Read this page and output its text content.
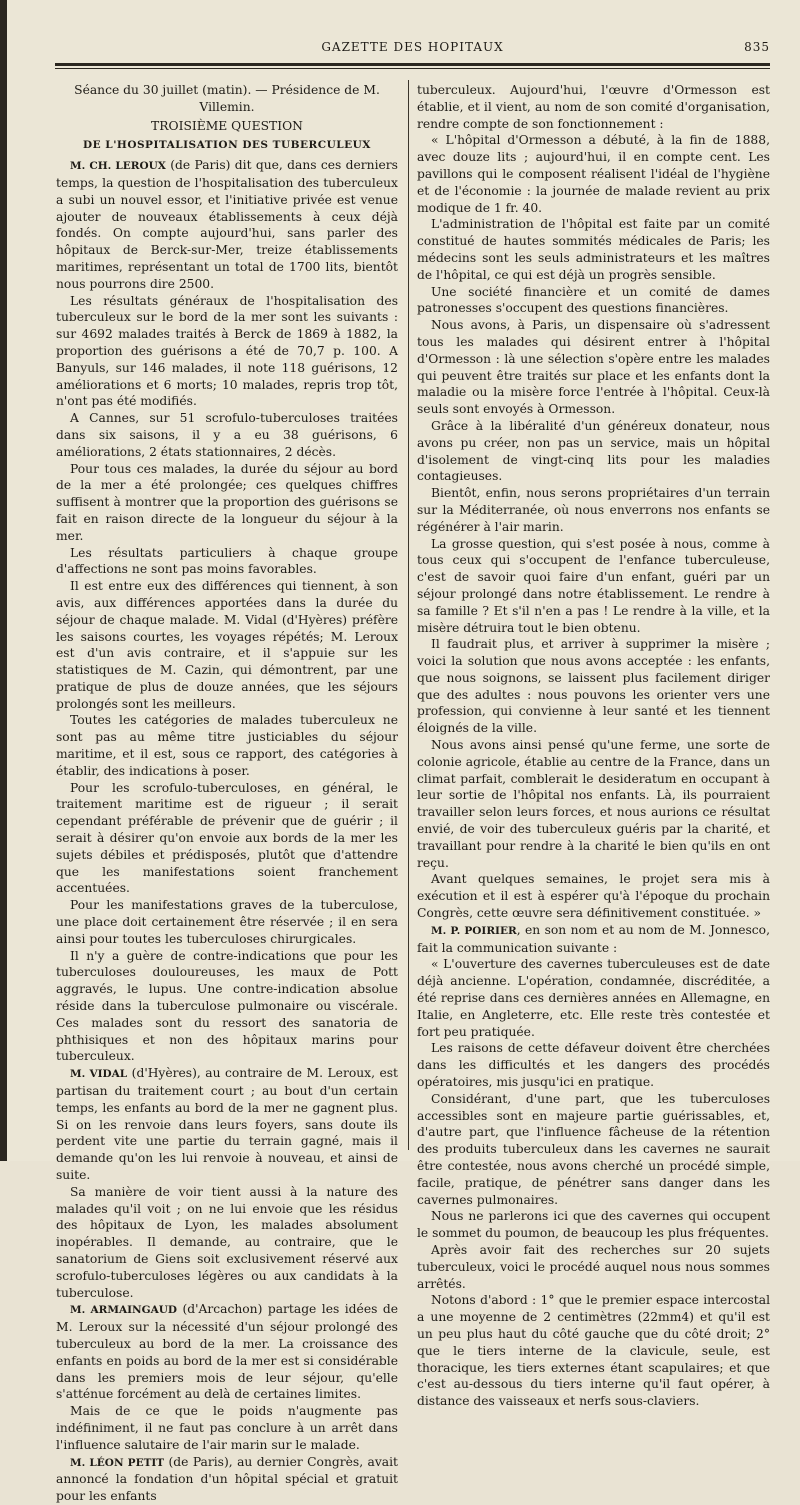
GAZETTE DES HOPITAUX	835

Séance du 30 juillet (matin). — Présidence de M. Villemin.

TROISIÈME QUESTION

DE L'HOSPITALISATION DES TUBERCULEUX

M. CH. LEROUX (de Paris) dit que, dans ces derniers temps, la question de l'hospitalisation des tuberculeux a subi un nouvel essor, et l'initiative privée est venue ajouter de nouveaux établissements à ceux déjà fondés. On compte aujourd'hui, sans parler des hôpitaux de Berck-sur-Mer, treize établissements maritimes, représentant un total de 1700 lits, bientôt nous pourrons dire 2500.

Les résultats généraux de l'hospitalisation des tuberculeux sur le bord de la mer sont les suivants : sur 4692 malades traités à Berck de 1869 à 1882, la proportion des guérisons a été de 70,7 p. 100. A Banyuls, sur 146 malades, il note 118 guérisons, 12 améliorations et 6 morts; 10 malades, repris trop tôt, n'ont pas été modifiés.

A Cannes, sur 51 scrofulo-tuberculoses traitées dans six saisons, il y a eu 38 guérisons, 6 améliorations, 2 états stationnaires, 2 décès.

Pour tous ces malades, la durée du séjour au bord de la mer a été prolongée; ces quelques chiffres suffisent à montrer que la proportion des guérisons se fait en raison directe de la longueur du séjour à la mer.

Les résultats particuliers à chaque groupe d'affections ne sont pas moins favorables.

Il est entre eux des différences qui tiennent, à son avis, aux différences apportées dans la durée du séjour de chaque malade. M. Vidal (d'Hyères) préfère les saisons courtes, les voyages répétés; M. Leroux est d'un avis contraire, et il s'appuie sur les statistiques de M. Cazin, qui démontrent, par une pratique de plus de douze années, que les séjours prolongés sont les meilleurs.

Toutes les catégories de malades tuberculeux ne sont pas au même titre justiciables du séjour maritime, et il est, sous ce rapport, des catégories à établir, des indications à poser.

Pour les scrofulo-tuberculoses, en général, le traitement maritime est de rigueur ; il serait cependant préférable de prévenir que de guérir ; il serait à désirer qu'on envoie aux bords de la mer les sujets débiles et prédisposés, plutôt que d'attendre que les manifestations soient franchement accentuées.

Pour les manifestations graves de la tuberculose, une place doit certainement être réservée ; il en sera ainsi pour toutes les tuberculoses chirurgicales.

Il n'y a guère de contre-indications que pour les tuberculoses douloureuses, les maux de Pott aggravés, le lupus. Une contre-indication absolue réside dans la tuberculose pulmonaire ou viscérale. Ces malades sont du ressort des sanatoria de phthisiques et non des hôpitaux marins pour tuberculeux.

M. VIDAL (d'Hyères), au contraire de M. Leroux, est partisan du traitement court ; au bout d'un certain temps, les enfants au bord de la mer ne gagnent plus. Si on les renvoie dans leurs foyers, sans doute ils perdent vite une partie du terrain gagné, mais il demande qu'on les lui renvoie à nouveau, et ainsi de suite.

Sa manière de voir tient aussi à la nature des malades qu'il voit ; on ne lui envoie que les résidus des hôpitaux de Lyon, les malades absolument inopérables. Il demande, au contraire, que le sanatorium de Giens soit exclusivement réservé aux scrofulo-tuberculoses légères ou aux candidats à la tuberculose.

M. ARMAINGAUD (d'Arcachon) partage les idées de M. Leroux sur la nécessité d'un séjour prolongé des tuberculeux au bord de la mer. La croissance des enfants en poids au bord de la mer est si considérable dans les premiers mois de leur séjour, qu'elle s'atténue forcément au delà de certaines limites.

Mais de ce que le poids n'augmente pas indéfiniment, il ne faut pas conclure à un arrêt dans l'influence salutaire de l'air marin sur le malade.

M. LÉON PETIT (de Paris), au dernier Congrès, avait annoncé la fondation d'un hôpital spécial et gratuit pour les enfants

tuberculeux. Aujourd'hui, l'œuvre d'Ormesson est établie, et il vient, au nom de son comité d'organisation, rendre compte de son fonctionnement :

« L'hôpital d'Ormesson a débuté, à la fin de 1888, avec douze lits ; aujourd'hui, il en compte cent. Les pavillons qui le composent réalisent l'idéal de l'hygiène et de l'économie : la journée de malade revient au prix modique de 1 fr. 40.

L'administration de l'hôpital est faite par un comité constitué de hautes sommités médicales de Paris; les médecins sont les seuls administrateurs et les maîtres de l'hôpital, ce qui est déjà un progrès sensible.

Une société financière et un comité de dames patronesses s'occupent des questions financières.

Nous avons, à Paris, un dispensaire où s'adressent tous les malades qui désirent entrer à l'hôpital d'Ormesson : là une sélection s'opère entre les malades qui peuvent être traités sur place et les enfants dont la maladie ou la misère force l'entrée à l'hôpital. Ceux-là seuls sont envoyés à Ormesson.

Grâce à la libéralité d'un généreux donateur, nous avons pu créer, non pas un service, mais un hôpital d'isolement de vingt-cinq lits pour les maladies contagieuses.

Bientôt, enfin, nous serons propriétaires d'un terrain sur la Méditerranée, où nous enverrons nos enfants se régénérer à l'air marin.

La grosse question, qui s'est posée à nous, comme à tous ceux qui s'occupent de l'enfance tuberculeuse, c'est de savoir quoi faire d'un enfant, guéri par un séjour prolongé dans notre établissement. Le rendre à sa famille ? Et s'il n'en a pas ! Le rendre à la ville, et la misère détruira tout le bien obtenu.

Il faudrait plus, et arriver à supprimer la misère ; voici la solution que nous avons acceptée : les enfants, que nous soignons, se laissent plus facilement diriger que des adultes : nous pouvons les orienter vers une profession, qui convienne à leur santé et les tiennent éloignés de la ville.

Nous avons ainsi pensé qu'une ferme, une sorte de colonie agricole, établie au centre de la France, dans un climat parfait, comblerait le desideratum en occupant à leur sortie de l'hôpital nos enfants. Là, ils pourraient travailler selon leurs forces, et nous aurions ce résultat envié, de voir des tuberculeux guéris par la charité, et travaillant pour rendre à la charité le bien qu'ils en ont reçu.

Avant quelques semaines, le projet sera mis à exécution et il est à espérer qu'à l'époque du prochain Congrès, cette œuvre sera définitivement constituée. »

M. P. POIRIER, en son nom et au nom de M. Jonnesco, fait la communication suivante :

« L'ouverture des cavernes tuberculeuses est de date déjà ancienne. L'opération, condamnée, discréditée, a été reprise dans ces dernières années en Allemagne, en Italie, en Angleterre, etc. Elle reste très contestée et fort peu pratiquée.

Les raisons de cette défaveur doivent être cherchées dans les difficultés et les dangers des procédés opératoires, mis jusqu'ici en pratique.

Considérant, d'une part, que les tuberculoses accessibles sont en majeure partie guérissables, et, d'autre part, que l'influence fâcheuse de la rétention des produits tuberculeux dans les cavernes ne saurait être contestée, nous avons cherché un procédé simple, facile, pratique, de pénétrer sans danger dans les cavernes pulmonaires.

Nous ne parlerons ici que des cavernes qui occupent le sommet du poumon, de beaucoup les plus fréquentes.

Après avoir fait des recherches sur 20 sujets tuberculeux, voici le procédé auquel nous nous sommes arrêtés.

Notons d'abord : 1° que le premier espace intercostal a une moyenne de 2 centimètres (22mm4) et qu'il est un peu plus haut du côté gauche que du côté droit; 2° que le tiers interne de la clavicule, seule, est thoracique, les tiers externes étant scapulaires; et que c'est au-dessous du tiers interne qu'il faut opérer, à distance des vaisseaux et nerfs sous-claviers.
